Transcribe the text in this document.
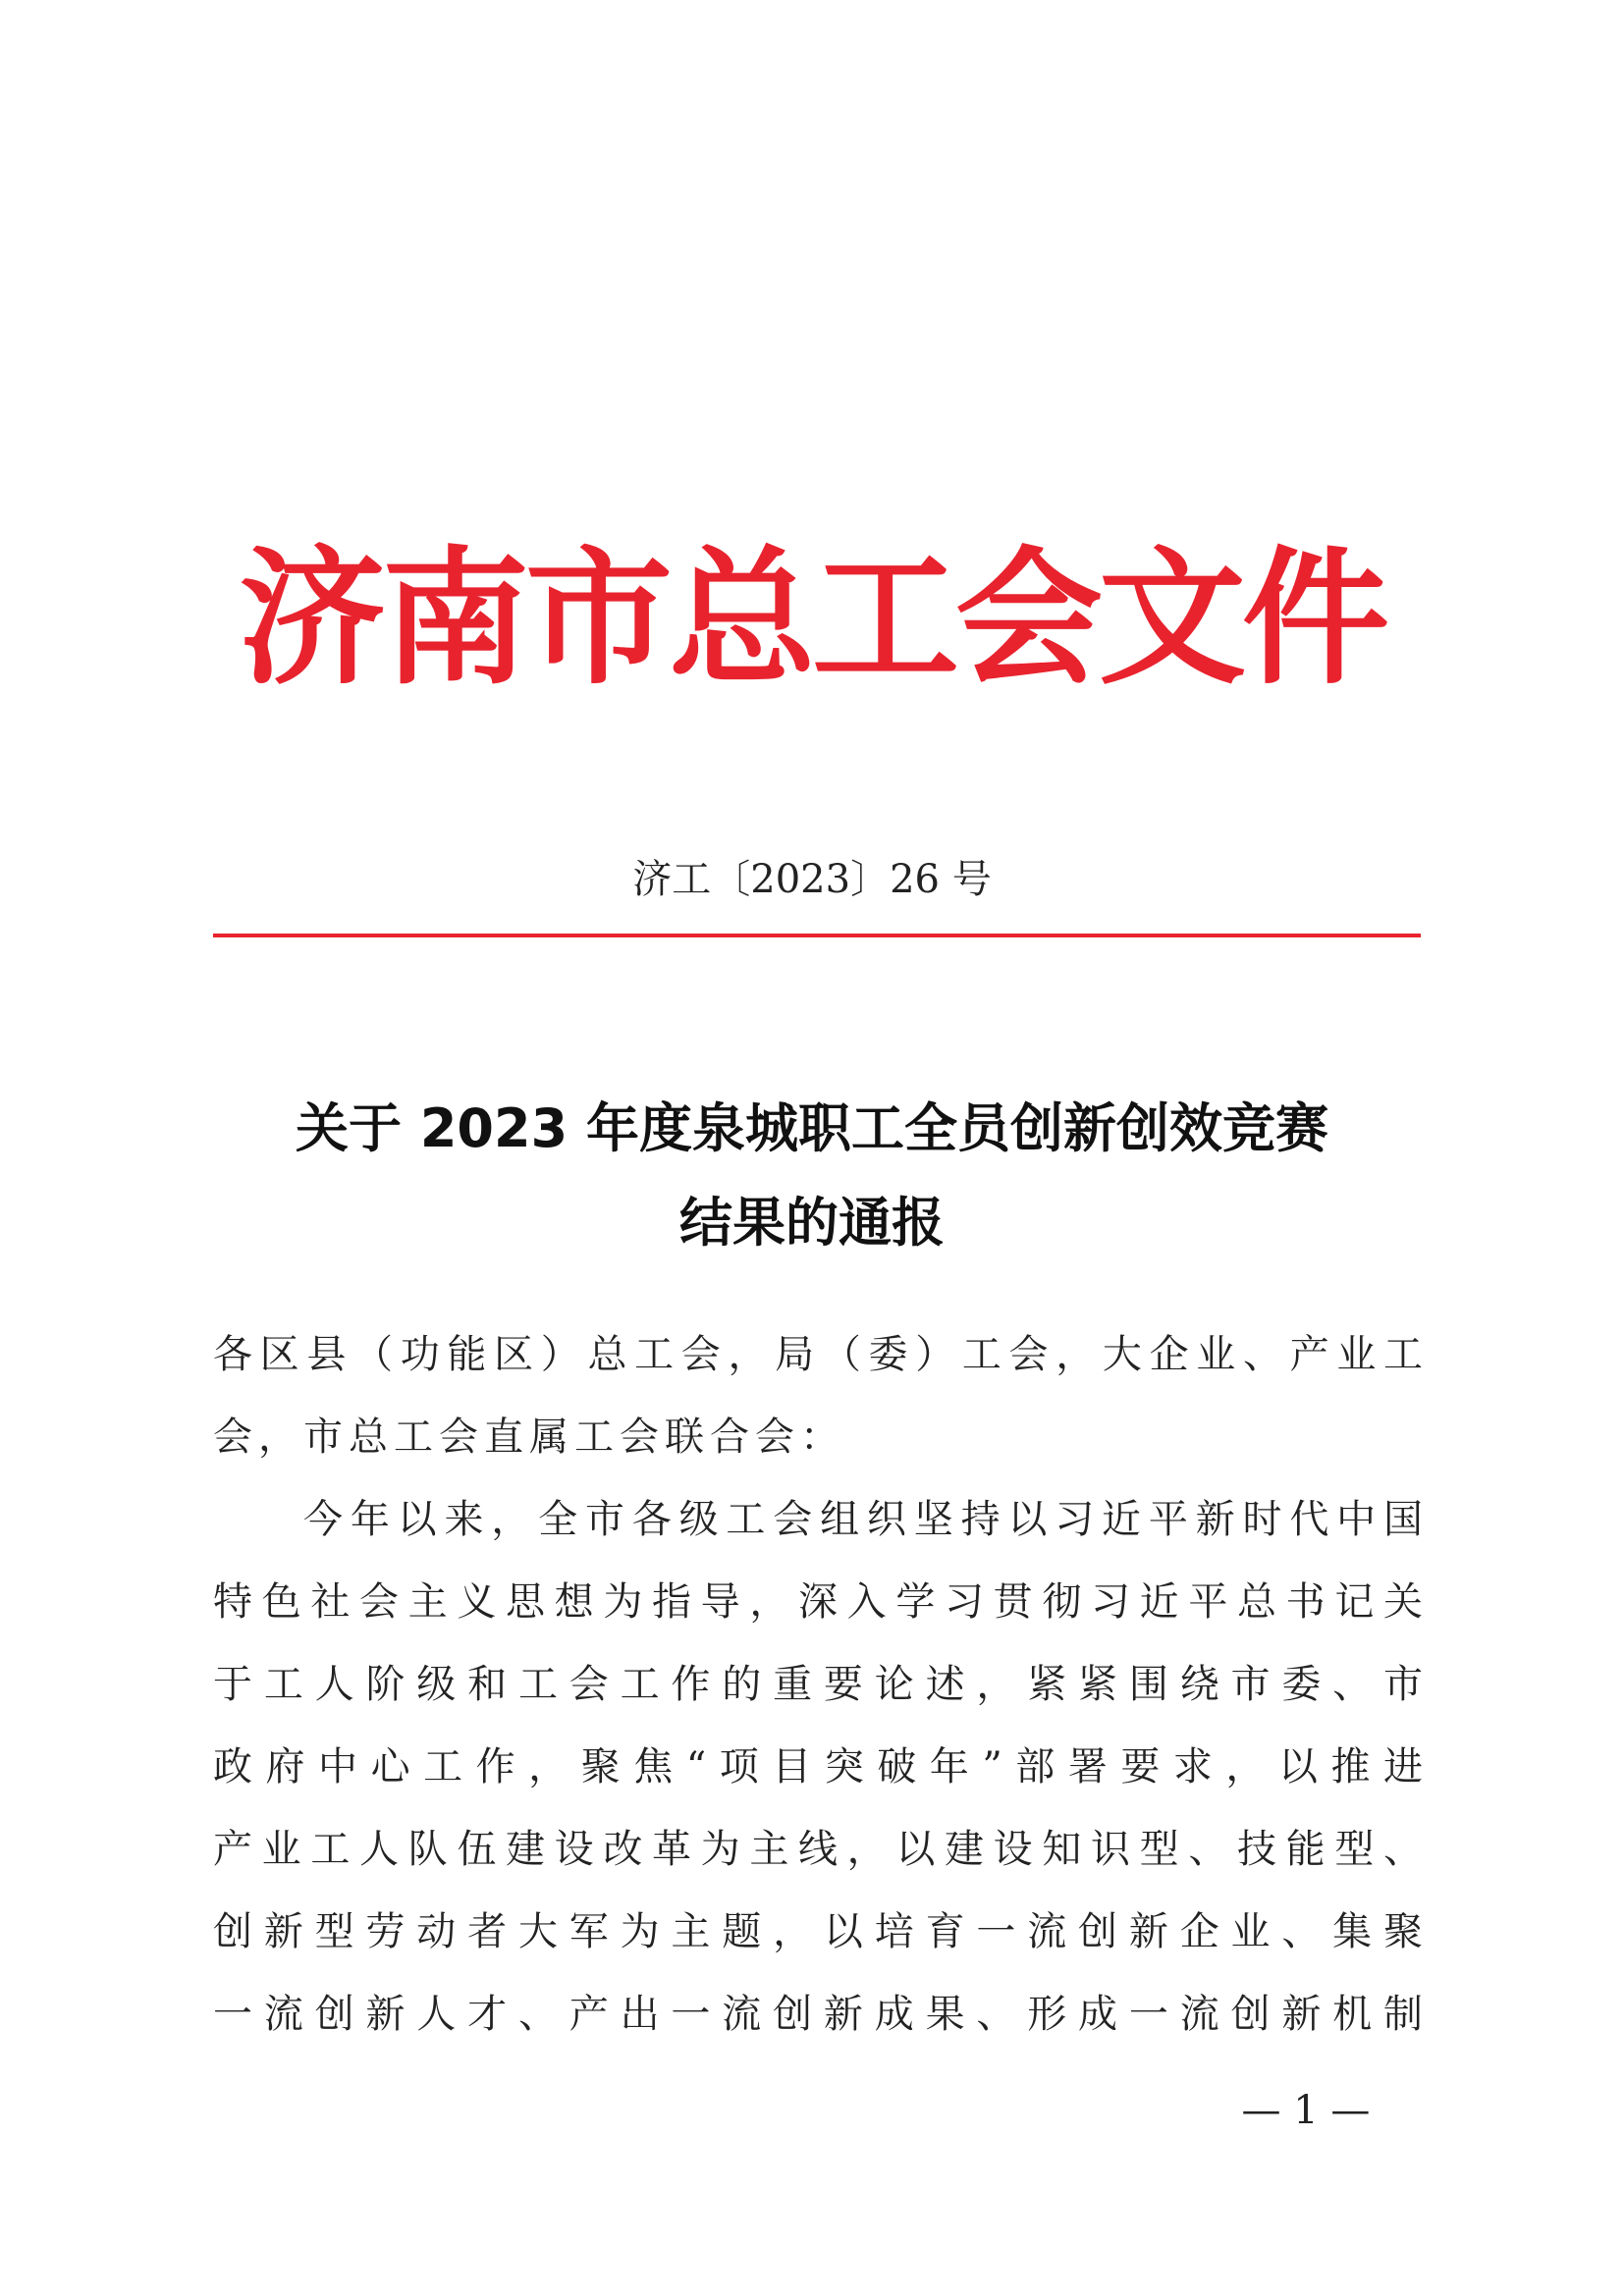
济南市总工会文件
济工〔2023〕26 号
关于 2023 年度泉城职工全员创新创效竞赛
结果的通报
各区县（功能区）总工会，局（委）工会，大企业、产业工
会，市总工会直属工会联合会：
今年以来，全市各级工会组织坚持以习近平新时代中国
特色社会主义思想为指导，深入学习贯彻习近平总书记关
于工人阶级和工会工作的重要论述，紧紧围绕市委、市
政府中心工作，聚焦“项目突破年”部署要求，以推进
产业工人队伍建设改革为主线，以建设知识型、技能型、
创新型劳动者大军为主题，以培育一流创新企业、集聚
一流创新人才、产出一流创新成果、形成一流创新机制
— 1 —
